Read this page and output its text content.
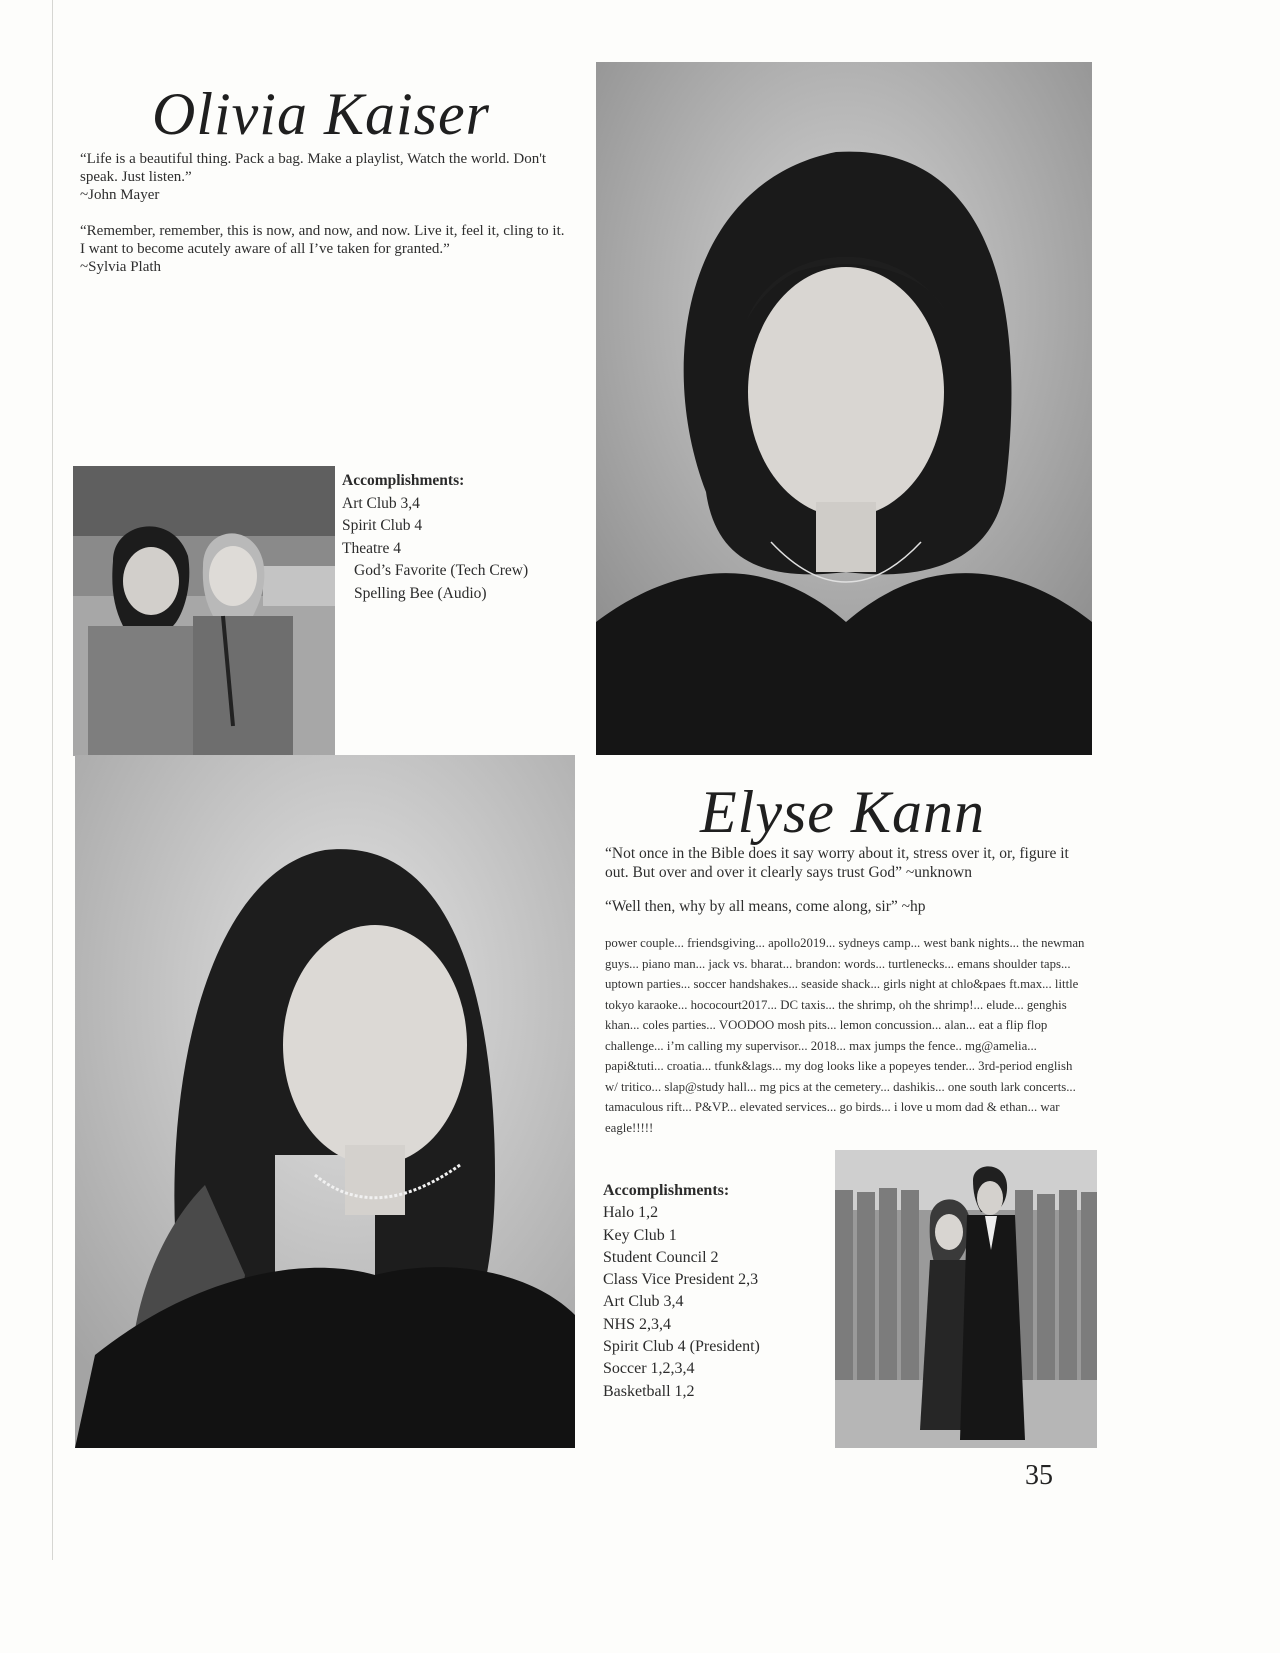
Olivia Kaiser

“Life is a beautiful thing. Pack a bag. Make a playlist, Watch the world. Don't speak. Just listen.”

~John Mayer

“Remember, remember, this is now, and now, and now. Live it, feel it, cling to it. I want to become acutely aware of all I’ve taken for granted.”

~Sylvia Plath

Accomplishments:
Art Club 3,4
Spirit Club 4
Theatre 4
God’s Favorite (Tech Crew)
Spelling Bee (Audio)
Elyse Kann

“Not once in the Bible does it say worry about it, stress over it, or, figure it out. But over and over it clearly says trust God” ~unknown

“Well then, why by all means, come along, sir” ~hp

power couple... friendsgiving... apollo2019... sydneys camp... west bank nights... the newman guys... piano man... jack vs. bharat... brandon: words... turtlenecks... emans shoulder taps... uptown parties... soccer handshakes... seaside shack... girls night at chlo&paes ft.max... little tokyo karaoke... hococourt2017... DC taxis... the shrimp, oh the shrimp!... elude... genghis khan... coles parties... VOODOO mosh pits... lemon concussion... alan... eat a flip flop challenge... i’m calling my supervisor... 2018... max jumps the fence.. mg@amelia... papi&tuti... croatia... tfunk&lags... my dog looks like a popeyes tender... 3rd-period english w/ tritico... slap@study hall... mg pics at the cemetery... dashikis... one south lark concerts... tamaculous rift... P&VP... elevated services... go birds... i love u mom dad & ethan... war eagle!!!!!

Accomplishments:
Halo 1,2
Key Club 1
Student Council 2
Class Vice President 2,3
Art Club 3,4
NHS 2,3,4
Spirit Club 4 (President)
Soccer 1,2,3,4
Basketball 1,2
35
